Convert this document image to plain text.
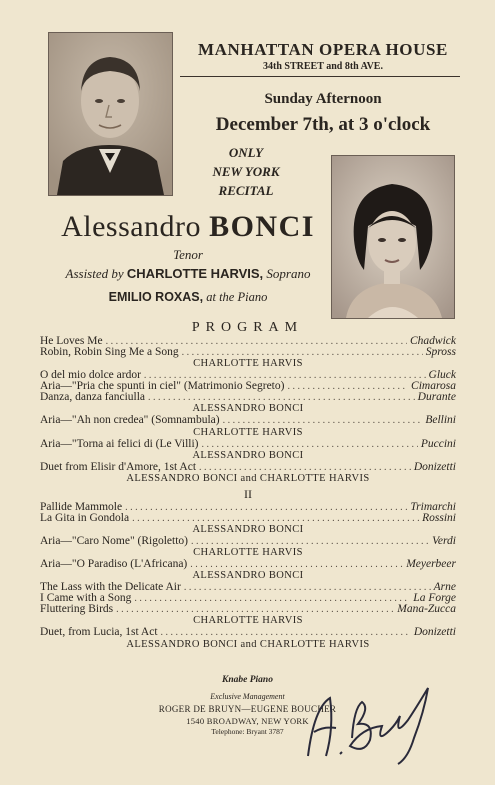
MANHATTAN OPERA HOUSE
34th STREET and 8th AVE.
Sunday Afternoon
December 7th, at 3 o'clock
ONLY
NEW YORK
RECITAL
Alessandro BONCI
Tenor
Assisted by CHARLOTTE HARVIS, Soprano
EMILIO ROXAS, at the Piano
PROGRAM
He Loves Me . . .	Chadwick
Robin, Robin Sing Me a Song . . .	Spross
CHARLOTTE HARVIS
O del mio dolce ardor . . .	Gluck
Aria—"Pria che spunti in ciel" (Matrimonio Segreto) . . .	Cimarosa
Danza, danza fanciulla . . .	Durante
ALESSANDRO BONCI
Aria—"Ah non credea" (Somnambula) . . .	Bellini
CHARLOTTE HARVIS
Aria—"Torna ai felici di (Le Villi) . . .	Puccini
ALESSANDRO BONCI
Duet from Elisir d'Amore, 1st Act . . .	Donizetti
ALESSANDRO BONCI and CHARLOTTE HARVIS
II
Pallide Mammole . . .	Trimarchi
La Gita in Gondola . . .	Rossini
ALESSANDRO BONCI
Aria—"Caro Nome" (Rigoletto) . . .	Verdi
CHARLOTTE HARVIS
Aria—"O Paradiso (L'Africana) . . .	Meyerbeer
ALESSANDRO BONCI
The Lass with the Delicate Air . . .	Arne
I Came with a Song . . .	La Forge
Fluttering Birds . . .	Mana-Zucca
CHARLOTTE HARVIS
Duet, from Lucia, 1st Act . . .	Donizetti
ALESSANDRO BONCI and CHARLOTTE HARVIS
Knabe Piano
Exclusive Management
ROGER DE BRUYN—EUGENE BOUCHER
1540 BROADWAY, NEW YORK
Telephone: Bryant 3787
